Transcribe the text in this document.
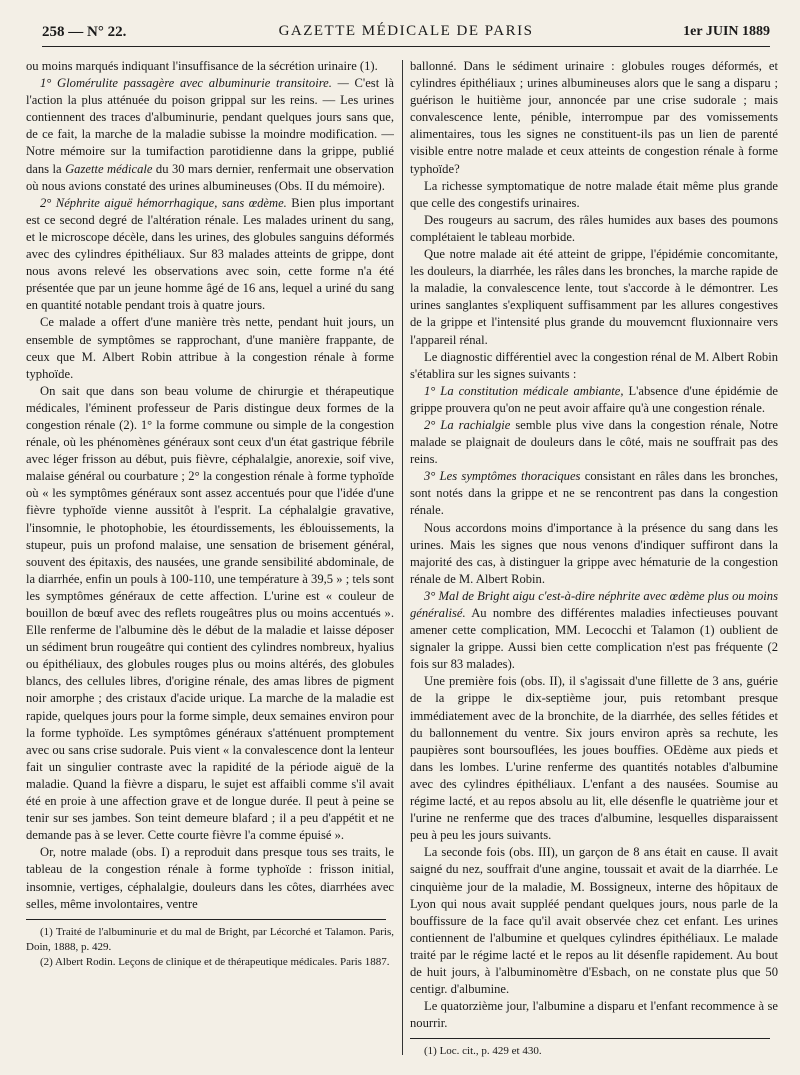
258 — N° 22.	GAZETTE MÉDICALE DE PARIS	1er JUIN 1889

ou moins marqués indiquant l'insuffisance de la sécrétion urinaire (1).

1° Glomérulite passagère avec albuminurie transitoire. — C'est là l'action la plus atténuée du poison grippal sur les reins. — Les urines contiennent des traces d'albuminurie, pendant quelques jours sans que, de ce fait, la marche de la maladie subisse la moindre modification. — Notre mémoire sur la tumifaction parotidienne dans la grippe, publié dans la Gazette médicale du 30 mars dernier, renfermait une observation où nous avions constaté des urines albumineuses (Obs. II du mémoire).

2° Néphrite aiguë hémorrhagique, sans œdème. Bien plus important est ce second degré de l'altération rénale. Les malades urinent du sang, et le microscope décèle, dans les urines, des globules sanguins déformés avec des cylindres épithéliaux. Sur 83 malades atteints de grippe, dont nous avons relevé les observations avec soin, cette forme n'a été présentée que par un jeune homme âgé de 16 ans, lequel a uriné du sang en quantité notable pendant trois à quatre jours.

Ce malade a offert d'une manière très nette, pendant huit jours, un ensemble de symptômes se rapprochant, d'une manière frappante, de ceux que M. Albert Robin attribue à la congestion rénale à forme typhoïde.

On sait que dans son beau volume de chirurgie et thérapeutique médicales, l'éminent professeur de Paris distingue deux formes de la congestion rénale (2). 1° la forme commune ou simple de la congestion rénale, où les phénomènes généraux sont ceux d'un état gastrique fébrile avec léger frisson au début, puis fièvre, céphalalgie, anorexie, soif vive, malaise général ou courbature ; 2° la congestion rénale à forme typhoïde où « les symptômes généraux sont assez accentués pour que l'idée d'une fièvre typhoïde vienne aussitôt à l'esprit. La céphalalgie gravative, l'insomnie, le photophobie, les étourdissements, les éblouissements, la stupeur, puis un profond malaise, une sensation de brisement général, souvent des épitaxis, des nausées, une grande sensibilité abdominale, de la diarrhée, enfin un pouls à 100-110, une température à 39,5 » ; tels sont les symptômes généraux de cette affection. L'urine est « couleur de bouillon de bœuf avec des reflets rougeâtres plus ou moins accentués ». Elle renferme de l'albumine dès le début de la maladie et laisse déposer un sédiment brun rougeâtre qui contient des cylindres nombreux, hyalius ou épithéliaux, des globules rouges plus ou moins altérés, des globules blancs, des cellules libres, d'origine rénale, des amas libres de pigment noir amorphe ; des cristaux d'acide urique. La marche de la maladie est rapide, quelques jours pour la forme simple, deux semaines environ pour la forme typhoïde. Les symptômes généraux s'atténuent promptement avec ou sans crise sudorale. Puis vient « la convalescence dont la lenteur fait un singulier contraste avec la rapidité de la période aiguë de la maladie. Quand la fièvre a disparu, le sujet est affaibli comme s'il avait été en proie à une affection grave et de longue durée. Il peut à peine se tenir sur ses jambes. Son teint demeure blafard ; il a peu d'appétit et ne demande pas à se lever. Cette courte fièvre l'a comme épuisé ».

Or, notre malade (obs. I) a reproduit dans presque tous ses traits, le tableau de la congestion rénale à forme typhoïde : frisson initial, insomnie, vertiges, céphalalgie, douleurs dans les côtes, diarrhées avec selles, même involontaires, ventre

(1) Traité de l'albuminurie et du mal de Bright, par Lécorché et Talamon. Paris, Doin, 1888, p. 429.

(2) Albert Rodin. Leçons de clinique et de thérapeutique médicales. Paris 1887.

ballonné. Dans le sédiment urinaire : globules rouges déformés, et cylindres épithéliaux ; urines albumineuses alors que le sang a disparu ; guérison le huitième jour, annoncée par une crise sudorale ; mais convalescence lente, pénible, interrompue par des vomissements alimentaires, tous les signes ne constituent-ils pas un lien de parenté visible entre notre malade et ceux atteints de congestion rénale à forme typhoïde?

La richesse symptomatique de notre malade était même plus grande que celle des congestifs urinaires.

Des rougeurs au sacrum, des râles humides aux bases des poumons complétaient le tableau morbide.

Que notre malade ait été atteint de grippe, l'épidémie concomitante, les douleurs, la diarrhée, les râles dans les bronches, la marche rapide de la maladie, la convalescence lente, tout s'accorde à le démontrer. Les urines sanglantes s'expliquent suffisamment par les allures congestives de la grippe et l'intensité plus grande du mouvemcnt fluxionnaire vers l'appareil rénal.

Le diagnostic différentiel avec la congestion rénal de M. Albert Robin s'établira sur les signes suivants :

1° La constitution médicale ambiante, L'absence d'une épidémie de grippe prouvera qu'on ne peut avoir affaire qu'à une congestion rénale.

2° La rachialgie semble plus vive dans la congestion rénale, Notre malade se plaignait de douleurs dans le côté, mais ne souffrait pas des reins.

3° Les symptômes thoraciques consistant en râles dans les bronches, sont notés dans la grippe et ne se rencontrent pas dans la congestion rénale.

Nous accordons moins d'importance à la présence du sang dans les urines. Mais les signes que nous venons d'indiquer suffiront dans la majorité des cas, à distinguer la grippe avec hématurie de la congestion rénale de M. Albert Robin.

3° Mal de Bright aigu c'est-à-dire néphrite avec œdème plus ou moins généralisé. Au nombre des différentes maladies infectieuses pouvant amener cette complication, MM. Lecocchi et Talamon (1) oublient de signaler la grippe. Aussi bien cette complication n'est pas fréquente (2 fois sur 83 malades).

Une première fois (obs. II), il s'agissait d'une fillette de 3 ans, guérie de la grippe le dix-septième jour, puis retombant presque immédiatement avec de la bronchite, de la diarrhée, des selles fétides et du ballonnement du ventre. Six jours environ après sa rechute, les paupières sont boursouflées, les joues bouffies. OEdème aux pieds et dans les lombes. L'urine renferme des quantités notables d'albumine avec des cylindres épithéliaux. L'enfant a des nausées. Soumise au régime lacté, et au repos absolu au lit, elle désenfle le quatrième jour et l'urine ne renferme que des traces d'albumine, lesquelles disparaissent peu à peu les jours suivants.

La seconde fois (obs. III), un garçon de 8 ans était en cause. Il avait saigné du nez, souffrait d'une angine, toussait et avait de la diarrhée. Le cinquième jour de la maladie, M. Bossigneux, interne des hôpitaux de Lyon qui nous avait suppléé pendant quelques jours, nous parle de la bouffissure de la face qu'il avait observée chez cet enfant. Les urines contiennent de l'albumine et quelques cylindres épithéliaux. Le malade traité par le régime lacté et le repos au lit désenfle rapidement. Au bout de huit jours, à l'albuminomètre d'Esbach, on ne constate plus que 50 centigr. d'albumine.

Le quatorzième jour, l'albumine a disparu et l'enfant recommence à se nourrir.

(1) Loc. cit., p. 429 et 430.
